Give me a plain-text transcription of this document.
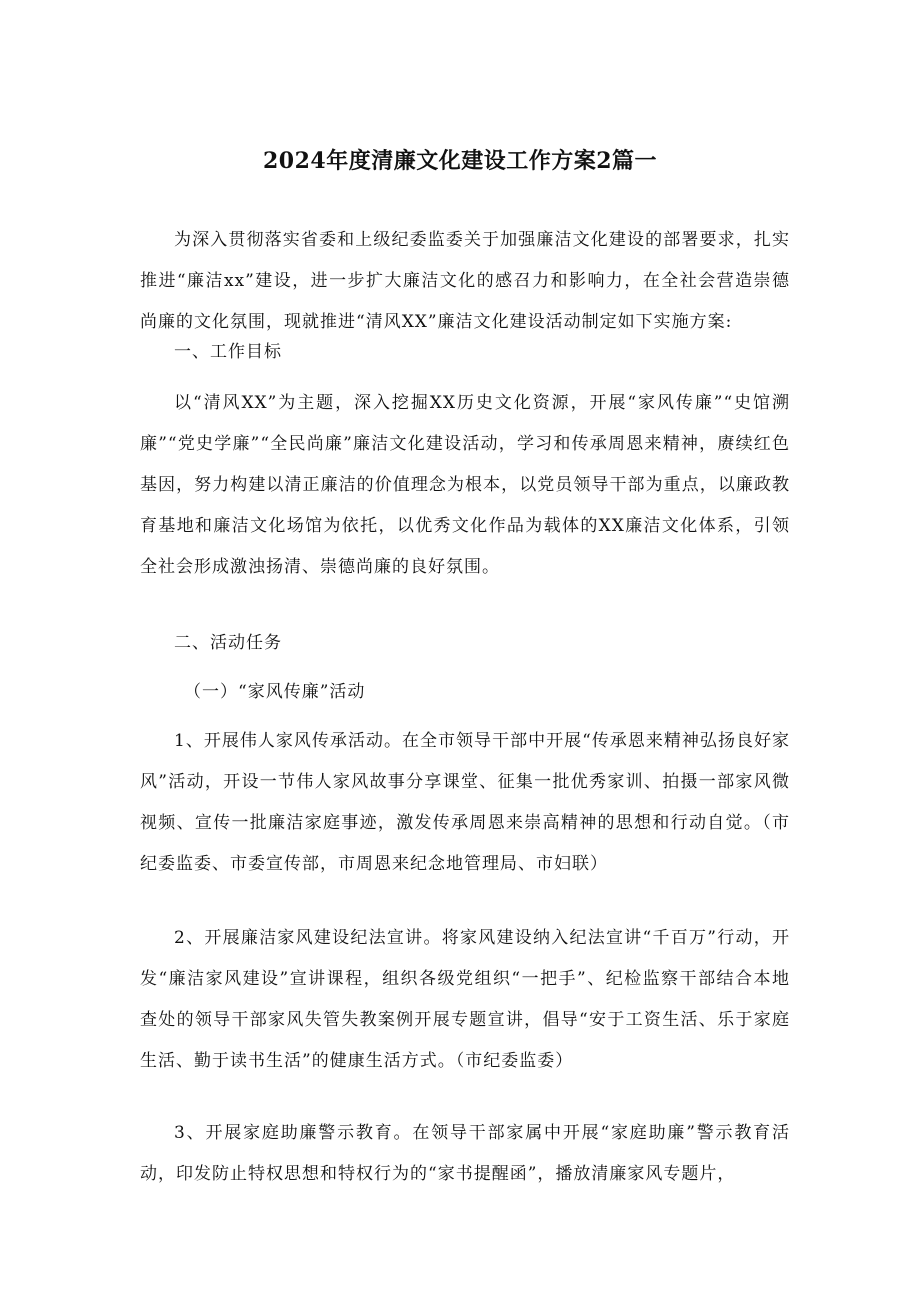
2024年度清廉文化建设工作方案2篇一
为深入贯彻落实省委和上级纪委监委关于加强廉洁文化建设的部署要求，扎实推进“廉洁xx”建设，进一步扩大廉洁文化的感召力和影响力，在全社会营造崇德尚廉的文化氛围，现就推进“清风XX”廉洁文化建设活动制定如下实施方案:
一、工作目标
以“清风XX”为主题，深入挖掘XX历史文化资源，开展“家风传廉”“史馆溯廉”“党史学廉”“全民尚廉”廉洁文化建设活动，学习和传承周恩来精神，赓续红色基因，努力构建以清正廉洁的价值理念为根本，以党员领导干部为重点，以廉政教育基地和廉洁文化场馆为依托，以优秀文化作品为载体的XX廉洁文化体系，引领全社会形成激浊扬清、崇德尚廉的良好氛围。
二、活动任务
（一）“家风传廉”活动
1、开展伟人家风传承活动。在全市领导干部中开展“传承恩来精神弘扬良好家风”活动，开设一节伟人家风故事分享课堂、征集一批优秀家训、拍摄一部家风微视频、宣传一批廉洁家庭事迹，激发传承周恩来崇高精神的思想和行动自觉。（市纪委监委、市委宣传部，市周恩来纪念地管理局、市妇联）
2、开展廉洁家风建设纪法宣讲。将家风建设纳入纪法宣讲“千百万”行动，开发“廉洁家风建设”宣讲课程，组织各级党组织“一把手”、纪检监察干部结合本地查处的领导干部家风失管失教案例开展专题宣讲，倡导“安于工资生活、乐于家庭生活、勤于读书生活”的健康生活方式。（市纪委监委）
3、开展家庭助廉警示教育。在领导干部家属中开展“家庭助廉”警示教育活动，印发防止特权思想和特权行为的“家书提醒函”，播放清廉家风专题片，
